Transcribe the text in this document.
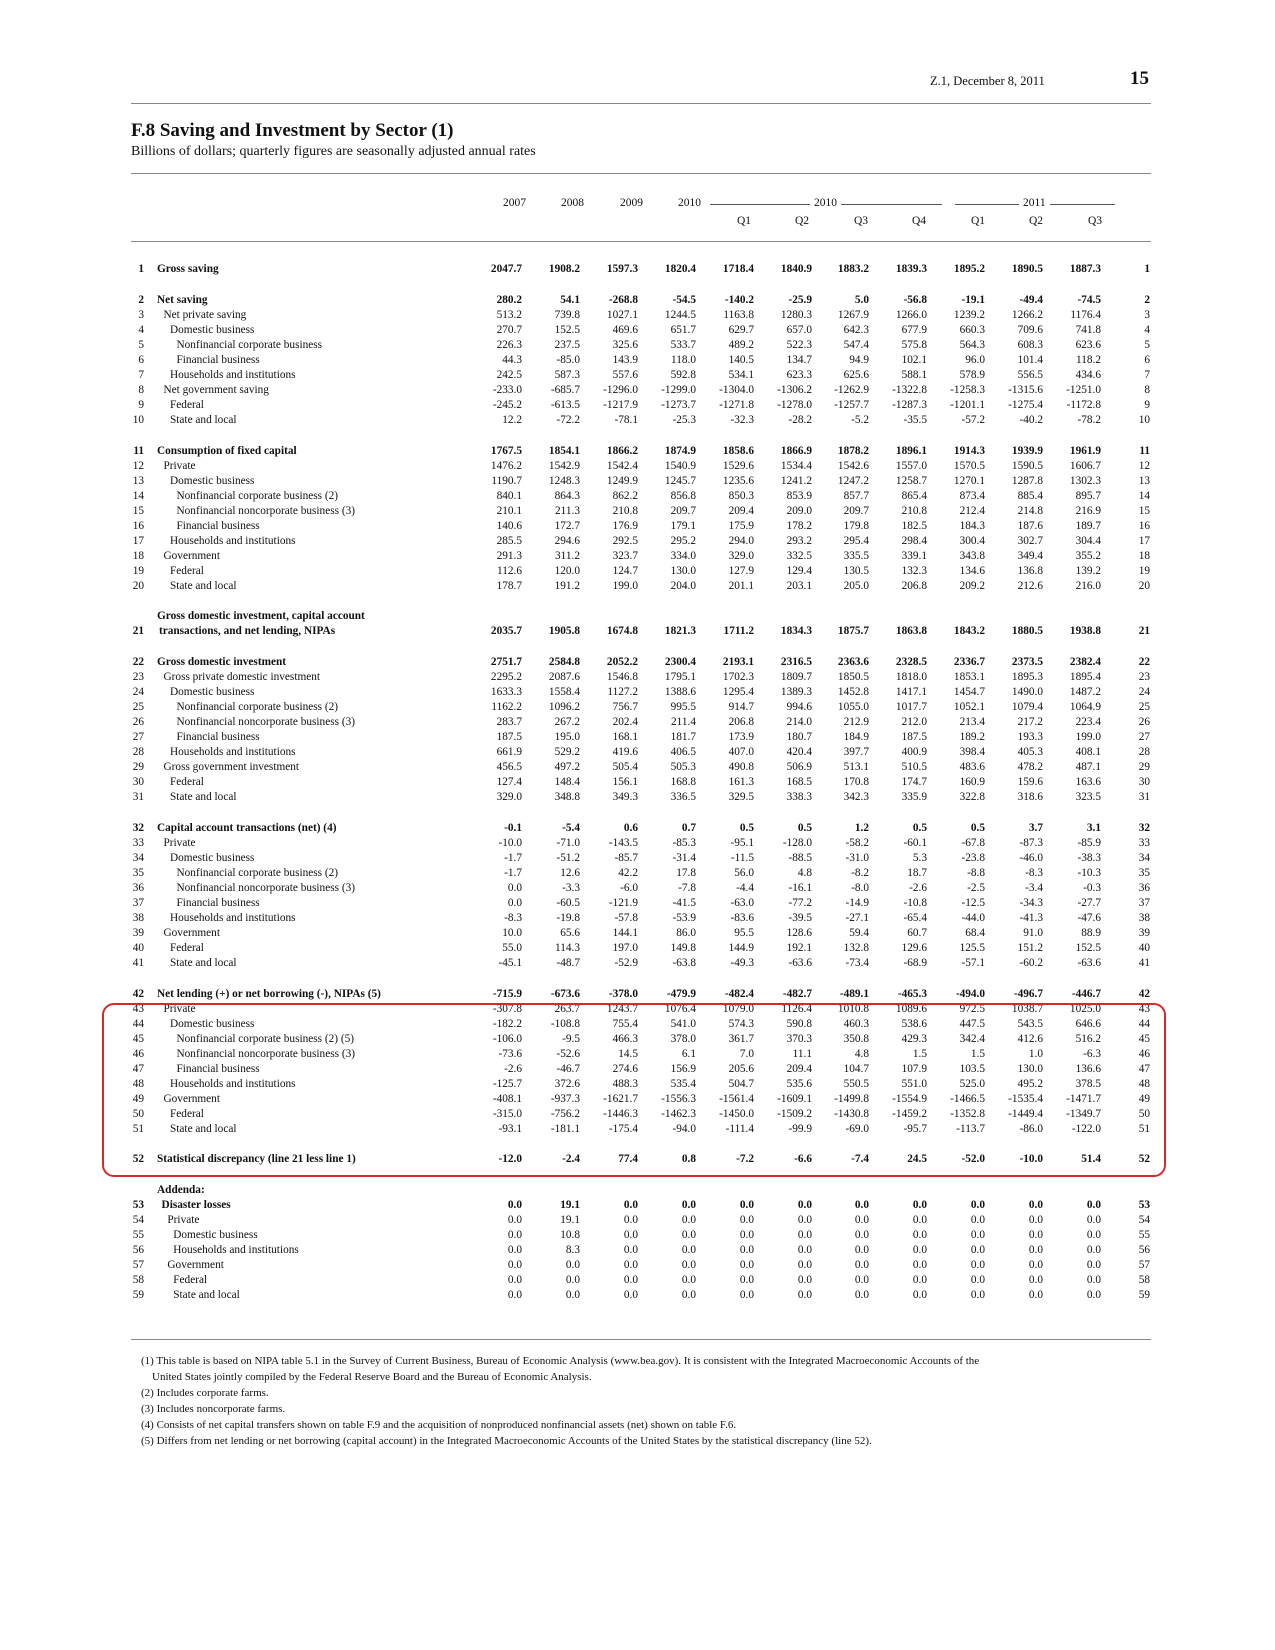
Z.1, December 8, 2011	15
F.8 Saving and Investment by Sector (1)
Billions of dollars; quarterly figures are seasonally adjusted annual rates
2007	2008	2009	2010	2010	2011
Q1	Q2	Q3	Q4	Q1	Q2	Q3
1 Gross saving	2047.7	1908.2	1597.3	1820.4	1718.4	1840.9	1883.2	1839.3	1895.2	1890.5	1887.3	1
2 Net saving	280.2	54.1	-268.8	-54.5	-140.2	-25.9	5.0	-56.8	-19.1	-49.4	-74.5	2
3 Net private saving	513.2	739.8	1027.1	1244.5	1163.8	1280.3	1267.9	1266.0	1239.2	1266.2	1176.4	3
4 Domestic business	270.7	152.5	469.6	651.7	629.7	657.0	642.3	677.9	660.3	709.6	741.8	4
5	Nonfinancial corporate business	226.3	237.5	325.6	533.7	489.2	522.3	547.4	575.8	564.3	608.3	623.6	5
6	Financial business	44.3	-85.0	143.9	118.0	140.5	134.7	94.9	102.1	96.0	101.4	118.2	6
7 Households and institutions	242.5	587.3	557.6	592.8	534.1	623.3	625.6	588.1	578.9	556.5	434.6	7
8 Net government saving	-233.0	-685.7	-1296.0	-1299.0	-1304.0	-1306.2	-1262.9	-1322.8	-1258.3	-1315.6	-1251.0	8
9 Federal	-245.2	-613.5	-1217.9	-1273.7	-1271.8	-1278.0	-1257.7	-1287.3	-1201.1	-1275.4	-1172.8	9
10 State and local	12.2	-72.2	-78.1	-25.3	-32.3	-28.2	-5.2	-35.5	-57.2	-40.2	-78.2	10
11 Consumption of fixed capital	1767.5	1854.1	1866.2	1874.9	1858.6	1866.9	1878.2	1896.1	1914.3	1939.9	1961.9	11
12 Private	1476.2	1542.9	1542.4	1540.9	1529.6	1534.4	1542.6	1557.0	1570.5	1590.5	1606.7	12
13 Domestic business	1190.7	1248.3	1249.9	1245.7	1235.6	1241.2	1247.2	1258.7	1270.1	1287.8	1302.3	13
14	Nonfinancial corporate business (2)	840.1	864.3	862.2	856.8	850.3	853.9	857.7	865.4	873.4	885.4	895.7	14
15	Nonfinancial noncorporate business (3)	210.1	211.3	210.8	209.7	209.4	209.0	209.7	210.8	212.4	214.8	216.9	15
16	Financial business	140.6	172.7	176.9	179.1	175.9	178.2	179.8	182.5	184.3	187.6	189.7	16
17 Households and institutions	285.5	294.6	292.5	295.2	294.0	293.2	295.4	298.4	300.4	302.7	304.4	17
18 Government	291.3	311.2	323.7	334.0	329.0	332.5	335.5	339.1	343.8	349.4	355.2	18
19 Federal	112.6	120.0	124.7	130.0	127.9	129.4	130.5	132.3	134.6	136.8	139.2	19
20 State and local	178.7	191.2	199.0	204.0	201.1	203.1	205.0	206.8	209.2	212.6	216.0	20
Gross domestic investment, capital account
21 transactions, and net lending, NIPAs	2035.7	1905.8	1674.8	1821.3	1711.2	1834.3	1875.7	1863.8	1843.2	1880.5	1938.8	21
22 Gross domestic investment	2751.7	2584.8	2052.2	2300.4	2193.1	2316.5	2363.6	2328.5	2336.7	2373.5	2382.4	22
23 Gross private domestic investment	2295.2	2087.6	1546.8	1795.1	1702.3	1809.7	1850.5	1818.0	1853.1	1895.3	1895.4	23
24 Domestic business	1633.3	1558.4	1127.2	1388.6	1295.4	1389.3	1452.8	1417.1	1454.7	1490.0	1487.2	24
25	Nonfinancial corporate business (2)	1162.2	1096.2	756.7	995.5	914.7	994.6	1055.0	1017.7	1052.1	1079.4	1064.9	25
26	Nonfinancial noncorporate business (3)	283.7	267.2	202.4	211.4	206.8	214.0	212.9	212.0	213.4	217.2	223.4	26
27	Financial business	187.5	195.0	168.1	181.7	173.9	180.7	184.9	187.5	189.2	193.3	199.0	27
28 Households and institutions	661.9	529.2	419.6	406.5	407.0	420.4	397.7	400.9	398.4	405.3	408.1	28
29 Gross government investment	456.5	497.2	505.4	505.3	490.8	506.9	513.1	510.5	483.6	478.2	487.1	29
30 Federal	127.4	148.4	156.1	168.8	161.3	168.5	170.8	174.7	160.9	159.6	163.6	30
31 State and local	329.0	348.8	349.3	336.5	329.5	338.3	342.3	335.9	322.8	318.6	323.5	31
32 Capital account transactions (net) (4)	-0.1	-5.4	0.6	0.7	0.5	0.5	1.2	0.5	0.5	3.7	3.1	32
33 Private	-10.0	-71.0	-143.5	-85.3	-95.1	-128.0	-58.2	-60.1	-67.8	-87.3	-85.9	33
34 Domestic business	-1.7	-51.2	-85.7	-31.4	-11.5	-88.5	-31.0	5.3	-23.8	-46.0	-38.3	34
35	Nonfinancial corporate business (2)	-1.7	12.6	42.2	17.8	56.0	4.8	-8.2	18.7	-8.8	-8.3	-10.3	35
36	Nonfinancial noncorporate business (3)	0.0	-3.3	-6.0	-7.8	-4.4	-16.1	-8.0	-2.6	-2.5	-3.4	-0.3	36
37	Financial business	0.0	-60.5	-121.9	-41.5	-63.0	-77.2	-14.9	-10.8	-12.5	-34.3	-27.7	37
38 Households and institutions	-8.3	-19.8	-57.8	-53.9	-83.6	-39.5	-27.1	-65.4	-44.0	-41.3	-47.6	38
39 Government	10.0	65.6	144.1	86.0	95.5	128.6	59.4	60.7	68.4	91.0	88.9	39
40 Federal	55.0	114.3	197.0	149.8	144.9	192.1	132.8	129.6	125.5	151.2	152.5	40
41 State and local	-45.1	-48.7	-52.9	-63.8	-49.3	-63.6	-73.4	-68.9	-57.1	-60.2	-63.6	41
42 Net lending (+) or net borrowing (-), NIPAs (5)	-715.9	-673.6	-378.0	-479.9	-482.4	-482.7	-489.1	-465.3	-494.0	-496.7	-446.7	42
43 Private	-307.8	263.7	1243.7	1076.4	1079.0	1126.4	1010.8	1089.6	972.5	1038.7	1025.0	43
44 Domestic business	-182.2	-108.8	755.4	541.0	574.3	590.8	460.3	538.6	447.5	543.5	646.6	44
45	Nonfinancial corporate business (2) (5)	-106.0	-9.5	466.3	378.0	361.7	370.3	350.8	429.3	342.4	412.6	516.2	45
46	Nonfinancial noncorporate business (3)	-73.6	-52.6	14.5	6.1	7.0	11.1	4.8	1.5	1.5	1.0	-6.3	46
47	Financial business	-2.6	-46.7	274.6	156.9	205.6	209.4	104.7	107.9	103.5	130.0	136.6	47
48 Households and institutions	-125.7	372.6	488.3	535.4	504.7	535.6	550.5	551.0	525.0	495.2	378.5	48
49 Government	-408.1	-937.3	-1621.7	-1556.3	-1561.4	-1609.1	-1499.8	-1554.9	-1466.5	-1535.4	-1471.7	49
50 Federal	-315.0	-756.2	-1446.3	-1462.3	-1450.0	-1509.2	-1430.8	-1459.2	-1352.8	-1449.4	-1349.7	50
51 State and local	-93.1	-181.1	-175.4	-94.0	-111.4	-99.9	-69.0	-95.7	-113.7	-86.0	-122.0	51
52 Statistical discrepancy (line 21 less line 1)	-12.0	-2.4	77.4	0.8	-7.2	-6.6	-7.4	24.5	-52.0	-10.0	51.4	52
Addenda:
53 Disaster losses	0.0	19.1	0.0	0.0	0.0	0.0	0.0	0.0	0.0	0.0	0.0	53
54 Private	0.0	19.1	0.0	0.0	0.0	0.0	0.0	0.0	0.0	0.0	0.0	54
55	Domestic business	0.0	10.8	0.0	0.0	0.0	0.0	0.0	0.0	0.0	0.0	0.0	55
56	Households and institutions	0.0	8.3	0.0	0.0	0.0	0.0	0.0	0.0	0.0	0.0	0.0	56
57 Government	0.0	0.0	0.0	0.0	0.0	0.0	0.0	0.0	0.0	0.0	0.0	57
58	Federal	0.0	0.0	0.0	0.0	0.0	0.0	0.0	0.0	0.0	0.0	0.0	58
59	State and local	0.0	0.0	0.0	0.0	0.0	0.0	0.0	0.0	0.0	0.0	0.0	59

(1) This table is based on NIPA table 5.1 in the Survey of Current Business, Bureau of Economic Analysis (www.bea.gov). It is consistent with the Integrated Macroeconomic Accounts of the

United States jointly compiled by the Federal Reserve Board and the Bureau of Economic Analysis.

(2) Includes corporate farms.

(3) Includes noncorporate farms.

(4) Consists of net capital transfers shown on table F.9 and the acquisition of nonproduced nonfinancial assets (net) shown on table F.6.

(5) Differs from net lending or net borrowing (capital account) in the Integrated Macroeconomic Accounts of the United States by the statistical discrepancy (line 52).
